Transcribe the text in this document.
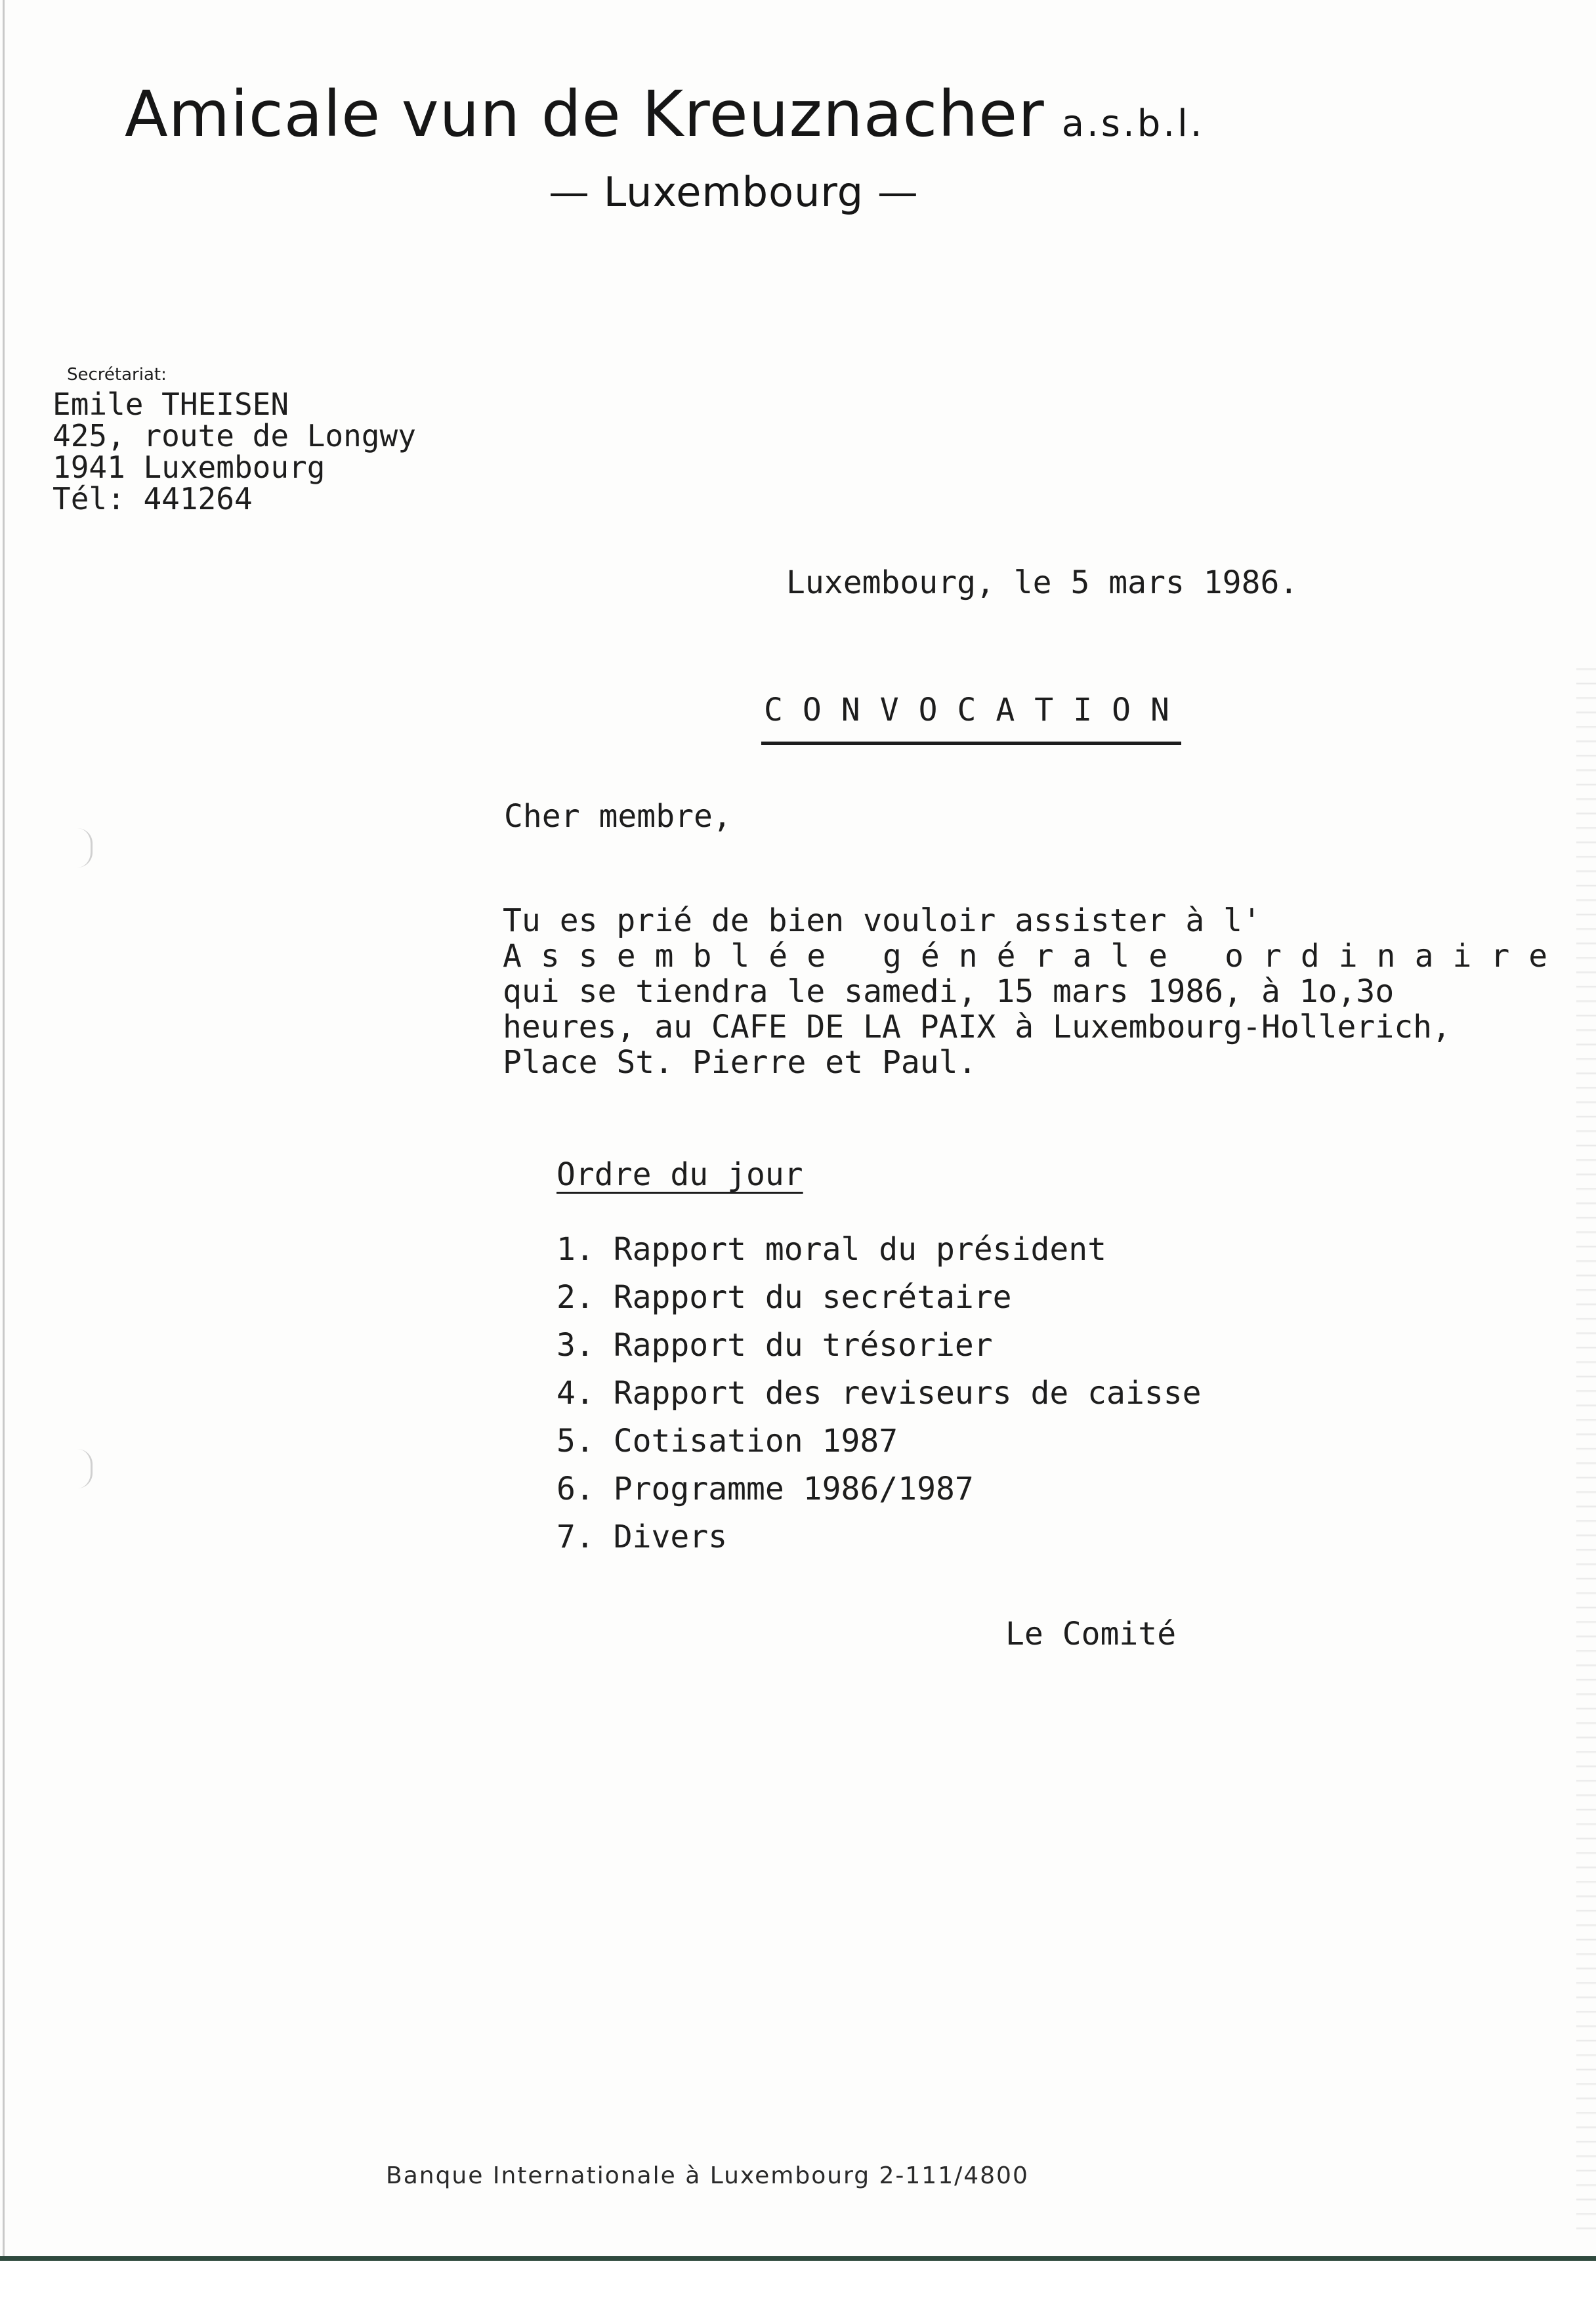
Amicale vun de Kreuznacher a.s.b.l.
— Luxembourg —
Secrétariat:
Emile THEISEN
425, route de Longwy
1941 Luxembourg
Tél: 441264
Luxembourg, le 5 mars 1986.
CONVOCATION
Cher membre,
Tu es prié de bien vouloir assister à l'
Assemblée générale ordinaire
qui se tiendra le samedi, 15 mars 1986, à 1o,3o
heures, au CAFE DE LA PAIX à Luxembourg-Hollerich,
Place St. Pierre et Paul.
Ordre du jour
1. Rapport moral du président
2. Rapport du secrétaire
3. Rapport du trésorier
4. Rapport des reviseurs de caisse
5. Cotisation 1987
6. Programme 1986/1987
7. Divers
Le Comité
Banque Internationale à Luxembourg 2-111/4800
